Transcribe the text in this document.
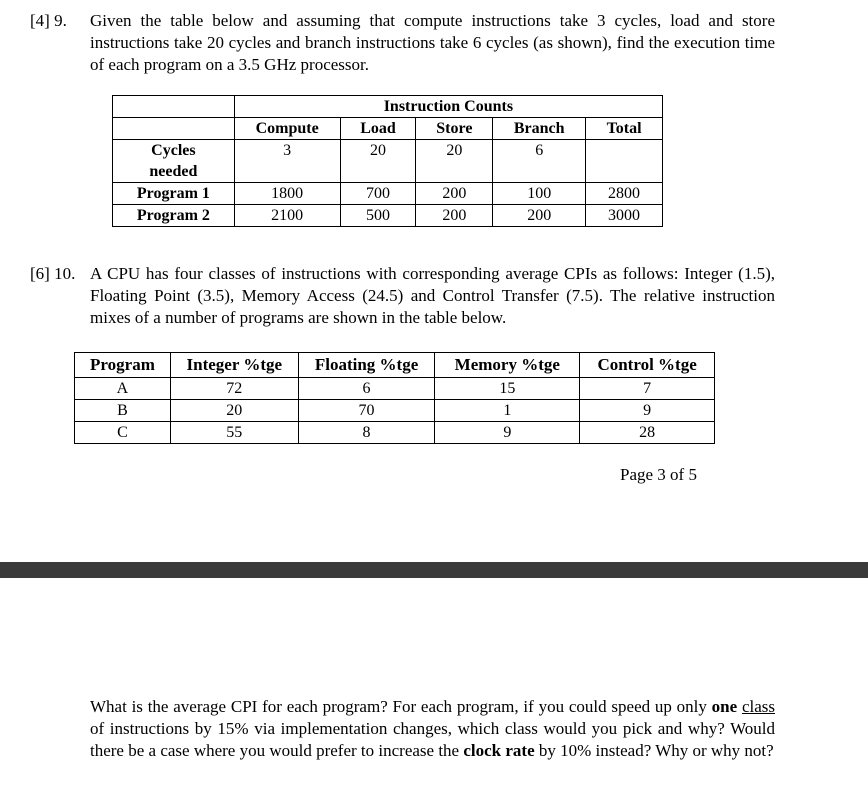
[4] 9. Given the table below and assuming that compute instructions take 3 cycles, load and store instructions take 20 cycles and branch instructions take 6 cycles (as shown), find the execution time of each program on a 3.5 GHz processor.
	Instruction Counts				
	Compute	Load	Store	Branch	Total
Cycles
needed	3	20	20	6	
Program 1	1800	700	200	100	2800
Program 2	2100	500	200	200	3000
[6] 10. A CPU has four classes of instructions with corresponding average CPIs as follows: Integer (1.5), Floating Point (3.5), Memory Access (24.5) and Control Transfer (7.5). The relative instruction mixes of a number of programs are shown in the table below.
Program	Integer %tge	Floating %tge	Memory %tge	Control %tge
A	72	6	15	7
B	20	70	1	9
C	55	8	9	28
Page 3 of 5
What is the average CPI for each program? For each program, if you could speed up only one class of instructions by 15% via implementation changes, which class would you pick and why? Would there be a case where you would prefer to increase the clock rate by 10% instead? Why or why not?
